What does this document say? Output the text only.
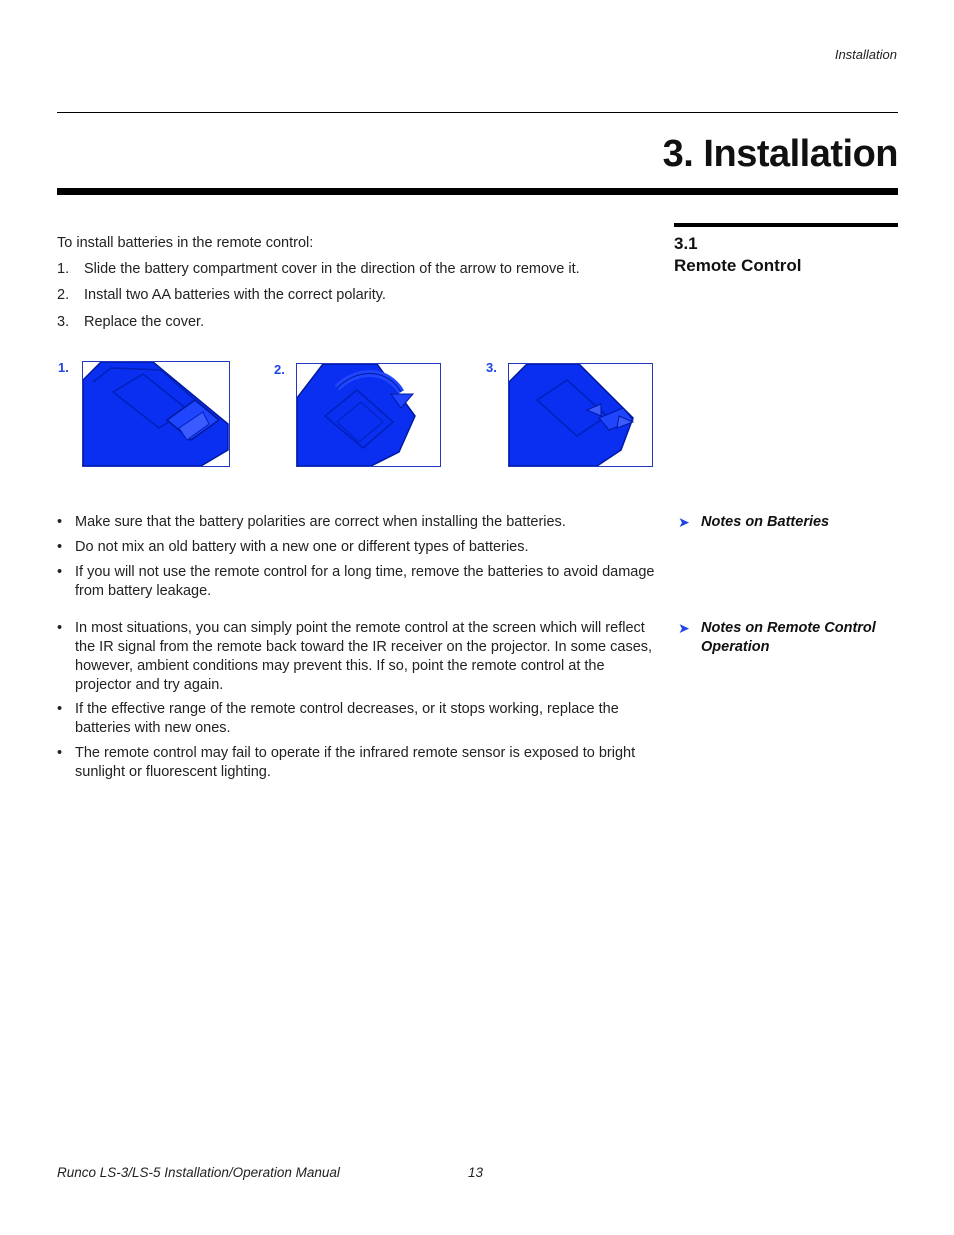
Installation
3. Installation
3.1
Remote Control
To install batteries in the remote control:
1. Slide the battery compartment cover in the direction of the arrow to remove it.
2. Install two AA batteries with the correct polarity.
3. Replace the cover.
1.	2.	3.
➤ Notes on Batteries
• Make sure that the battery polarities are correct when installing the batteries.
• Do not mix an old battery with a new one or different types of batteries.
• If you will not use the remote control for a long time, remove the batteries to avoid damage from battery leakage.
➤ Notes on Remote Control
Operation
• In most situations, you can simply point the remote control at the screen which will reflect the IR signal from the remote back toward the IR receiver on the projector. In some cases, however, ambient conditions may prevent this. If so, point the remote control at the projector and try again.
• If the effective range of the remote control decreases, or it stops working, replace the batteries with new ones.
• The remote control may fail to operate if the infrared remote sensor is exposed to bright sunlight or fluorescent lighting.
Runco LS-3/LS-5 Installation/Operation Manual	13
